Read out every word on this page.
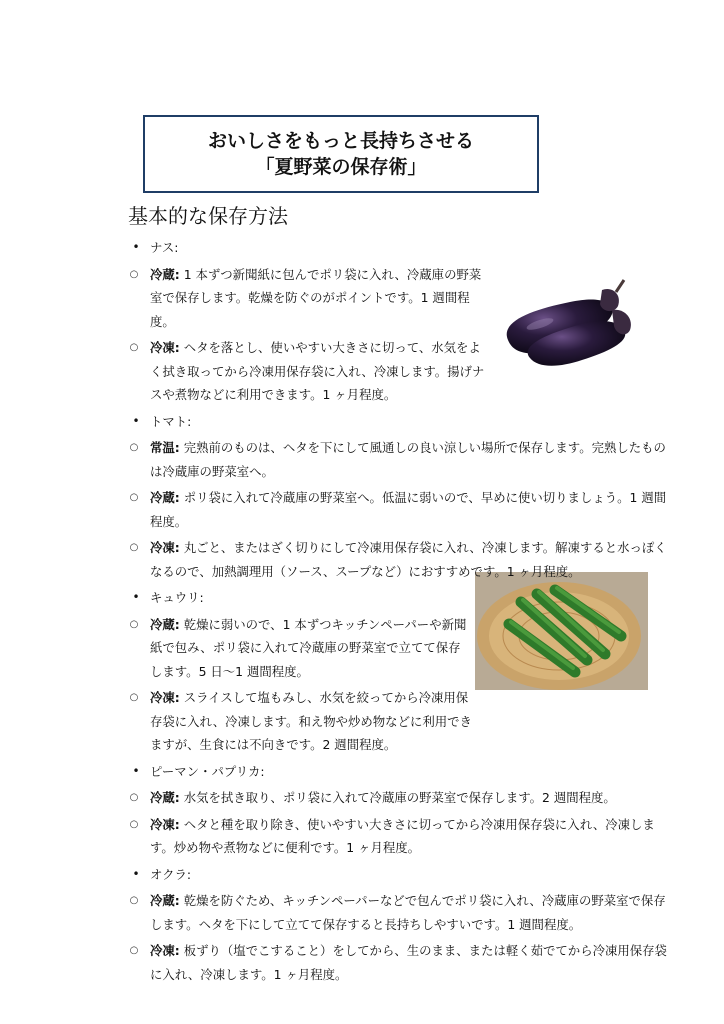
おいしさをもっと長持ちさせる
「夏野菜の保存術」
基本的な保存方法
• ナス:
○ 冷蔵: 1 本ずつ新聞紙に包んでポリ袋に入れ、冷蔵庫の野菜室で保存します。乾燥を防ぐのがポイントです。1 週間程度。
○ 冷凍: ヘタを落とし、使いやすい大きさに切って、水気をよく拭き取ってから冷凍用保存袋に入れ、冷凍します。揚げナスや煮物などに利用できます。1 ヶ月程度。
• トマト:
○ 常温: 完熟前のものは、ヘタを下にして風通しの良い涼しい場所で保存します。完熟したものは冷蔵庫の野菜室へ。
○ 冷蔵: ポリ袋に入れて冷蔵庫の野菜室へ。低温に弱いので、早めに使い切りましょう。1 週間程度。
○ 冷凍: 丸ごと、またはざく切りにして冷凍用保存袋に入れ、冷凍します。解凍すると水っぽくなるので、加熱調理用（ソース、スープなど）におすすめです。1 ヶ月程度。
• キュウリ:
○ 冷蔵: 乾燥に弱いので、1 本ずつキッチンペーパーや新聞紙で包み、ポリ袋に入れて冷蔵庫の野菜室で立てて保存します。5 日〜1 週間程度。
○ 冷凍: スライスして塩もみし、水気を絞ってから冷凍用保存袋に入れ、冷凍します。和え物や炒め物などに利用できますが、生食には不向きです。2 週間程度。
• ピーマン・パプリカ:
○ 冷蔵: 水気を拭き取り、ポリ袋に入れて冷蔵庫の野菜室で保存します。2 週間程度。
○ 冷凍: ヘタと種を取り除き、使いやすい大きさに切ってから冷凍用保存袋に入れ、冷凍します。炒め物や煮物などに便利です。1 ヶ月程度。
• オクラ:
○ 冷蔵: 乾燥を防ぐため、キッチンペーパーなどで包んでポリ袋に入れ、冷蔵庫の野菜室で保存します。ヘタを下にして立てて保存すると長持ちしやすいです。1 週間程度。
○ 冷凍: 板ずり（塩でこすること）をしてから、生のまま、または軽く茹でてから冷凍用保存袋に入れ、冷凍します。1 ヶ月程度。
